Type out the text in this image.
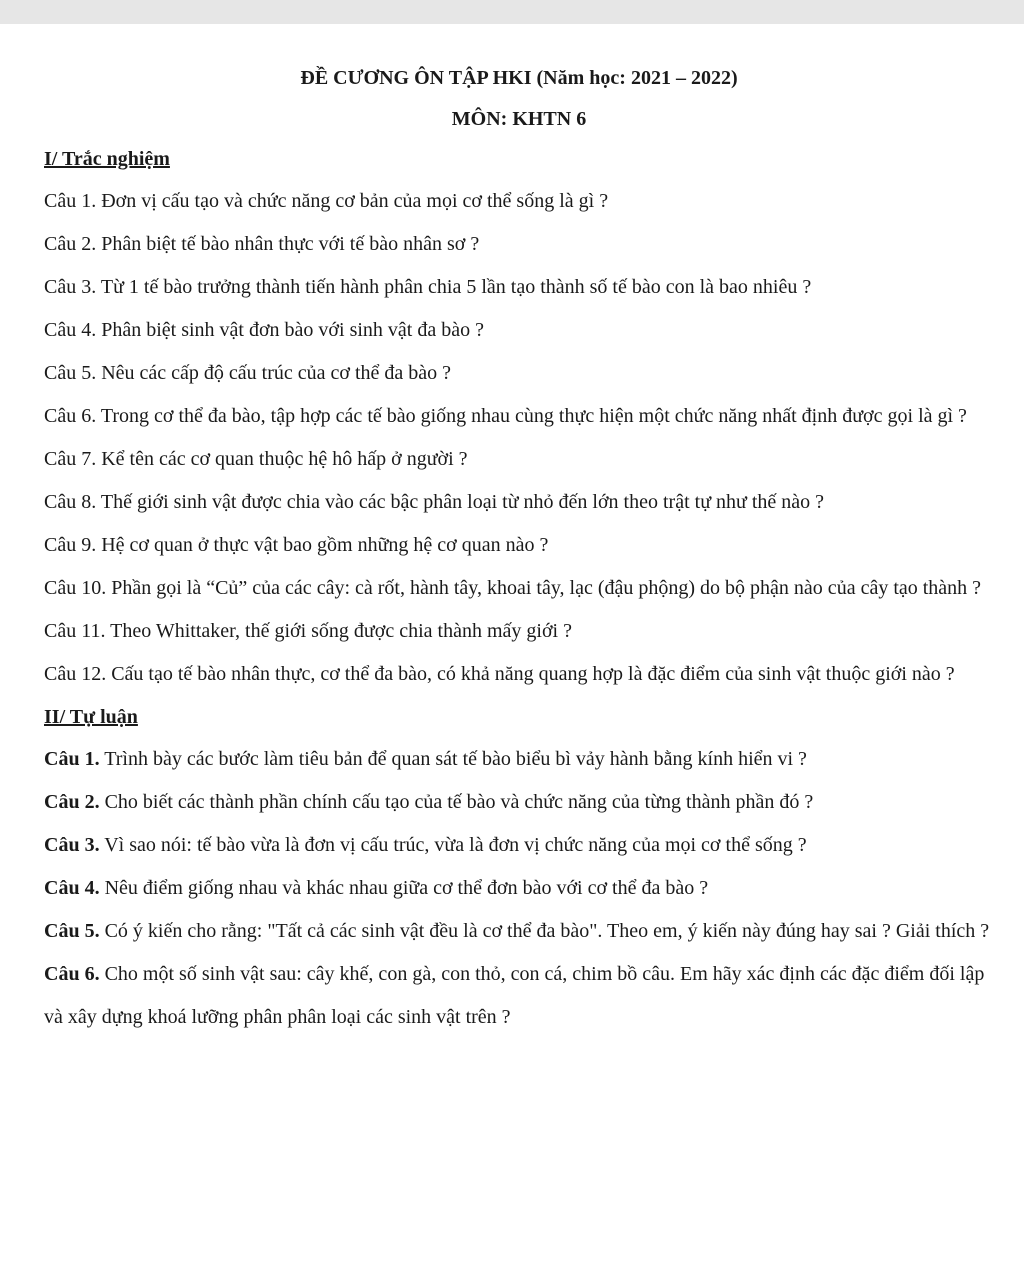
ĐỀ CƯƠNG ÔN TẬP HKI (Năm học: 2021 – 2022)

MÔN: KHTN 6

I/ Trắc nghiệm

Câu 1. Đơn vị cấu tạo và chức năng cơ bản của mọi cơ thể sống là gì ?

Câu 2. Phân biệt tế bào nhân thực với tế bào nhân sơ ?

Câu 3. Từ 1 tế bào trưởng thành tiến hành phân chia 5 lần tạo thành số tế bào con là bao nhiêu ?

Câu 4. Phân biệt sinh vật đơn bào với sinh vật đa bào ?

Câu 5. Nêu các cấp độ cấu trúc của cơ thể đa bào ?

Câu 6. Trong cơ thể đa bào, tập hợp các tế bào giống nhau cùng thực hiện một chức năng nhất định được gọi là gì ?

Câu 7. Kể tên các cơ quan thuộc hệ hô hấp ở người ?

Câu 8. Thế giới sinh vật được chia vào các bậc phân loại từ nhỏ đến lớn theo trật tự như thế nào ?

Câu 9. Hệ cơ quan ở thực vật bao gồm những hệ cơ quan nào ?

Câu 10. Phần gọi là “Củ” của các cây: cà rốt, hành tây, khoai tây, lạc (đậu phộng) do bộ phận nào của cây tạo thành ?

Câu 11. Theo Whittaker, thế giới sống được chia thành mấy giới ?

Câu 12. Cấu tạo tế bào nhân thực, cơ thể đa bào, có khả năng quang hợp là đặc điểm của sinh vật thuộc giới nào ?

II/ Tự luận

Câu 1. Trình bày các bước làm tiêu bản để quan sát tế bào biểu bì vảy hành bằng kính hiển vi ?

Câu 2. Cho biết các thành phần chính cấu tạo của tế bào và chức năng của từng thành phần đó ?

Câu 3. Vì sao nói: tế bào vừa là đơn vị cấu trúc, vừa là đơn vị chức năng của mọi cơ thể sống ?

Câu 4. Nêu điểm giống nhau và khác nhau giữa cơ thể đơn bào với cơ thể đa bào ?

Câu 5. Có ý kiến cho rằng: "Tất cả các sinh vật đều là cơ thể đa bào". Theo em, ý kiến này đúng hay sai ? Giải thích ?

Câu 6. Cho một số sinh vật sau: cây khế, con gà, con thỏ, con cá, chim bồ câu. Em hãy xác định các đặc điểm đối lập và xây dựng khoá lưỡng phân phân loại các sinh vật trên ?
